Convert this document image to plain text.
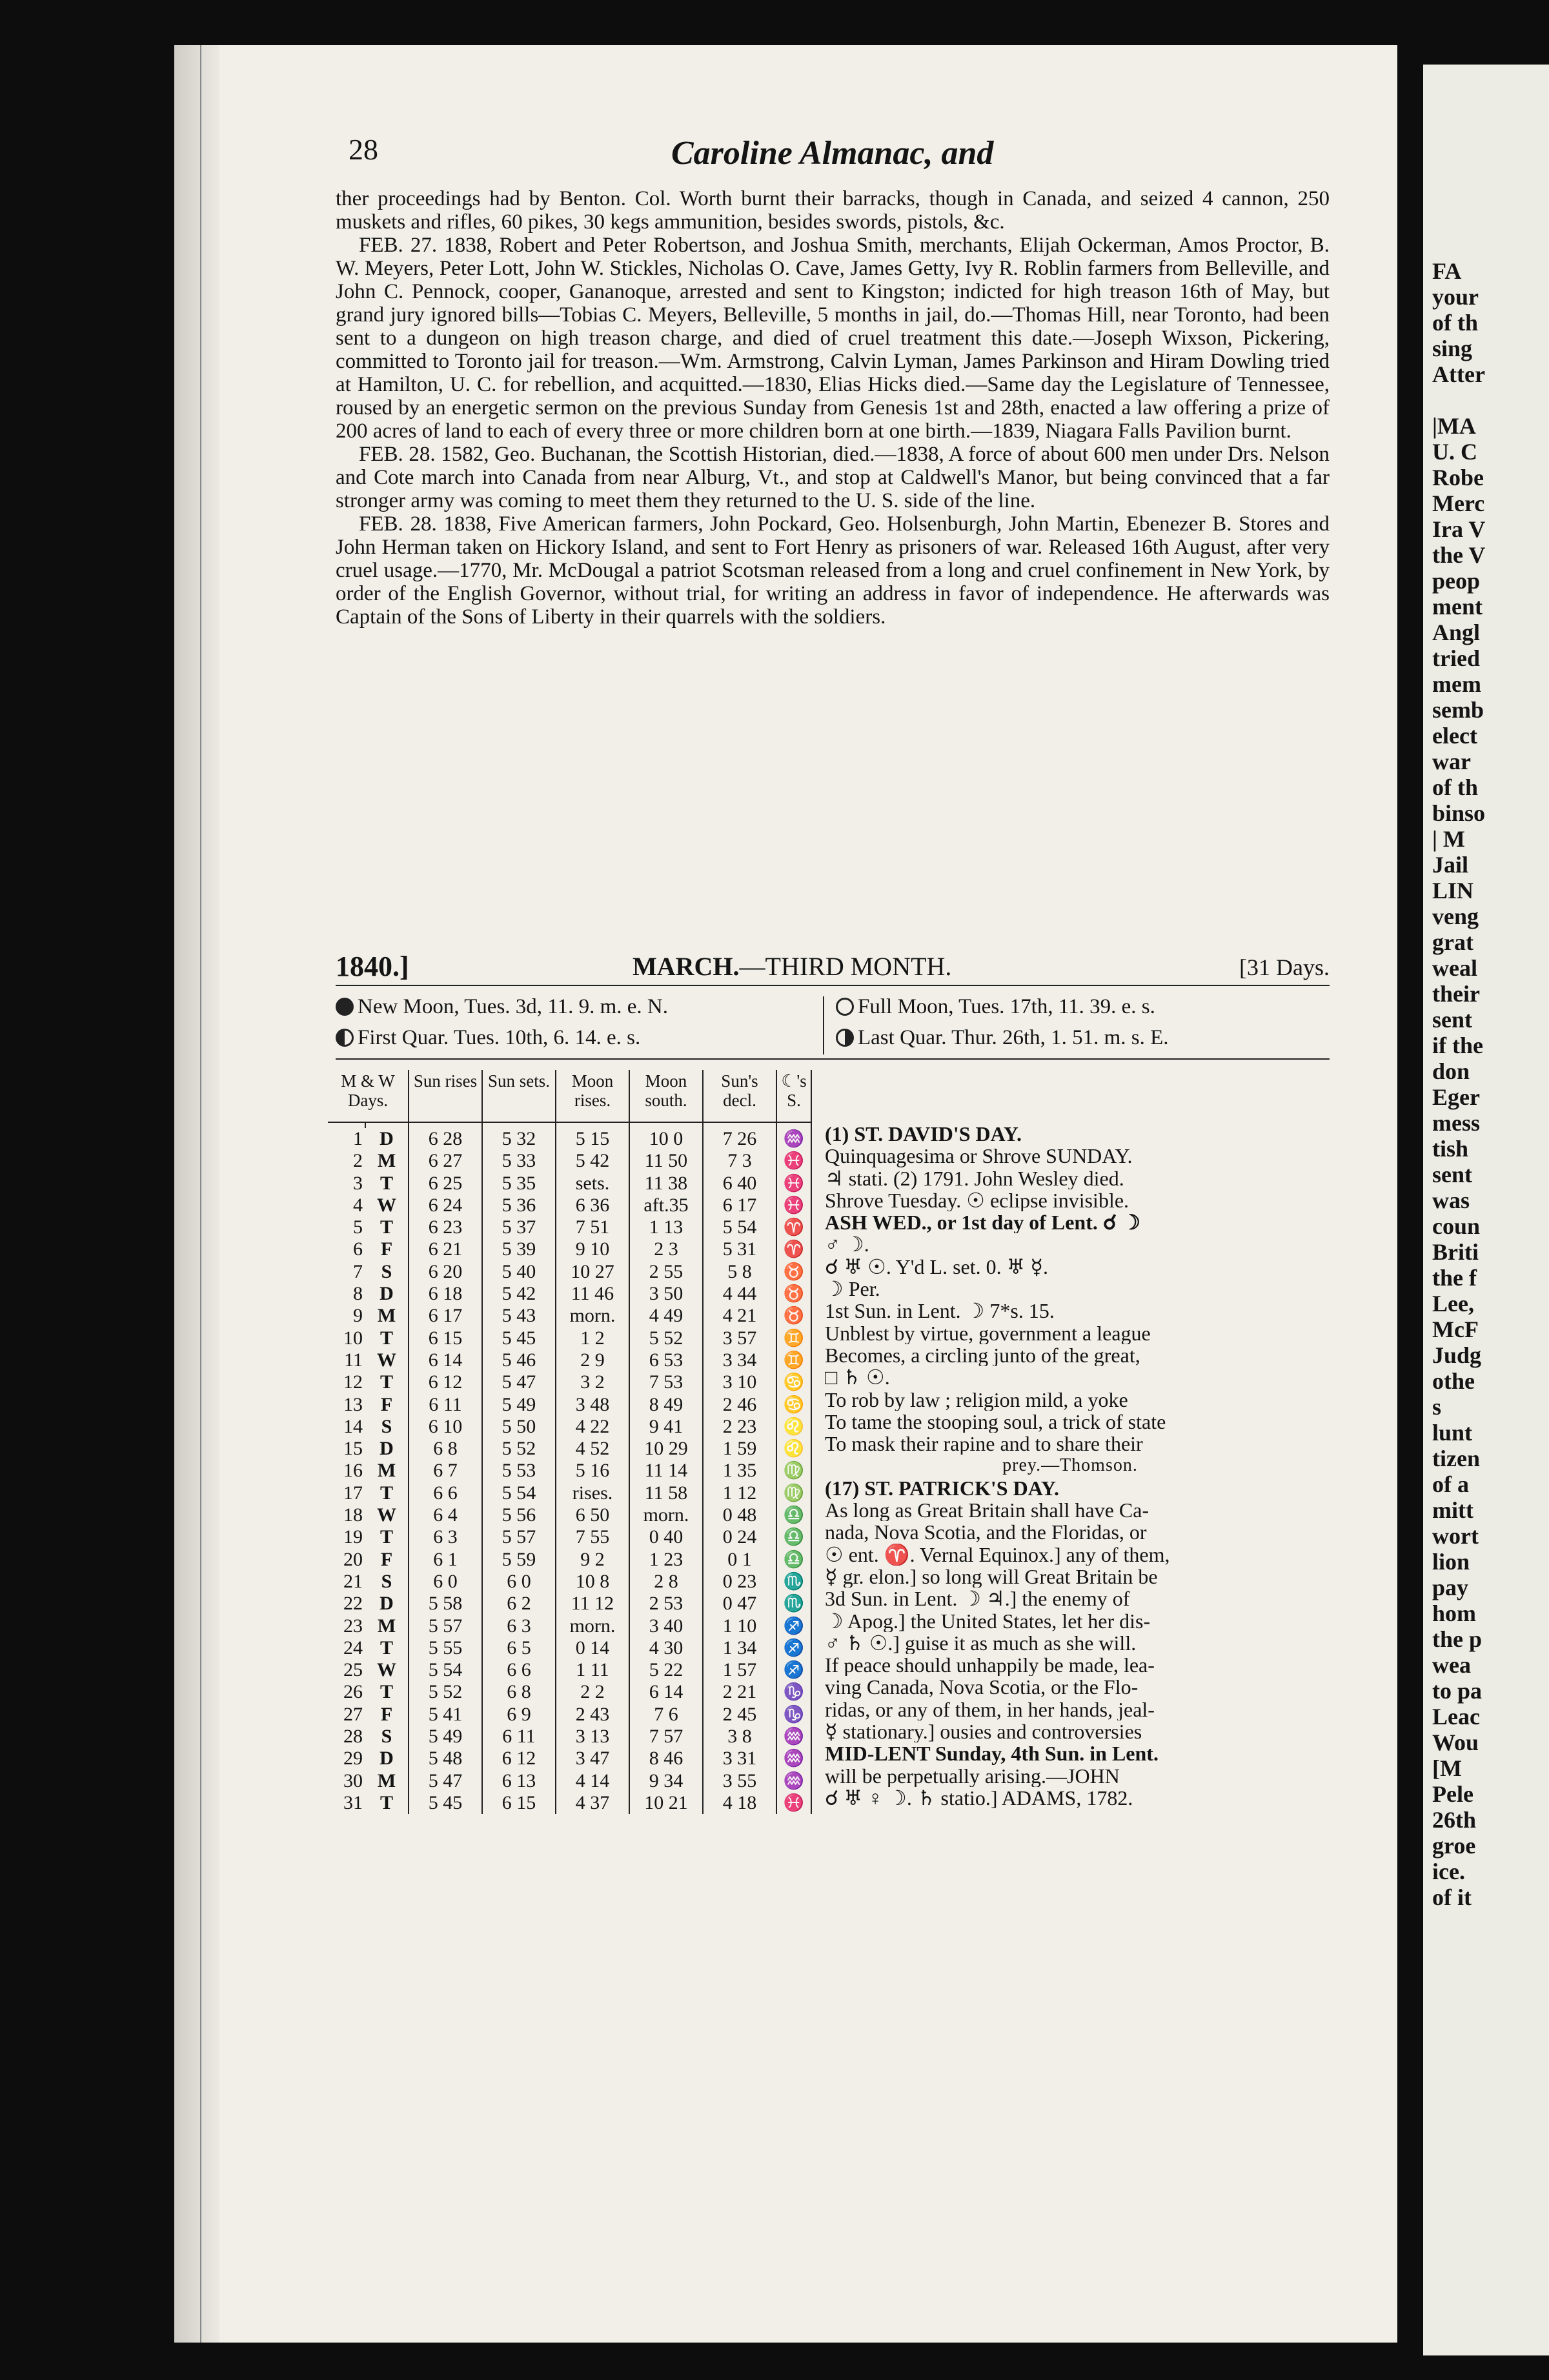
FA
your
of th
sing
Atter
|MA
U. C
Robe
Merc
Ira V
the V
peop
ment
Angl
tried
mem
semb
elect
war
of th
binso
| M
Jail
LIN
veng
grat
weal
their
sent
if the
don
Eger
mess
tish
sent
was
coun
Briti
the f
Lee,
McF
Judg
othe
s
lunt
tizen
of a
mitt
wort
lion
pay
hom
the p
wea
to pa
Leac
Wou
[M
Pele
26th
groe
ice.
of it
28	Caroline Almanac, and

ther proceedings had by Benton. Col. Worth burnt their barracks, though in Canada, and seized 4 cannon, 250 muskets and rifles, 60 pikes, 30 kegs ammunition, besides swords, pistols, &c.

FEB. 27. 1838, Robert and Peter Robertson, and Joshua Smith, merchants, Elijah Ockerman, Amos Proctor, B. W. Meyers, Peter Lott, John W. Stickles, Nicholas O. Cave, James Getty, Ivy R. Roblin farmers from Belleville, and John C. Pennock, cooper, Gananoque, arrested and sent to Kingston; indicted for high treason 16th of May, but grand jury ignored bills—Tobias C. Meyers, Belleville, 5 months in jail, do.—Thomas Hill, near Toronto, had been sent to a dungeon on high treason charge, and died of cruel treatment this date.—Joseph Wixson, Pickering, committed to Toronto jail for treason.—Wm. Armstrong, Calvin Lyman, James Parkinson and Hiram Dowling tried at Hamilton, U. C. for rebellion, and acquitted.—1830, Elias Hicks died.—Same day the Legislature of Tennessee, roused by an energetic sermon on the previous Sunday from Genesis 1st and 28th, enacted a law offering a prize of 200 acres of land to each of every three or more children born at one birth.—1839, Niagara Falls Pavilion burnt.

FEB. 28. 1582, Geo. Buchanan, the Scottish Historian, died.—1838, A force of about 600 men under Drs. Nelson and Cote march into Canada from near Alburg, Vt., and stop at Caldwell's Manor, but being convinced that a far stronger army was coming to meet them they returned to the U. S. side of the line.

FEB. 28. 1838, Five American farmers, John Pockard, Geo. Holsenburgh, John Martin, Ebenezer B. Stores and John Herman taken on Hickory Island, and sent to Fort Henry as prisoners of war. Released 16th August, after very cruel usage.—1770, Mr. McDougal a patriot Scotsman released from a long and cruel confinement in New York, by order of the English Governor, without trial, for writing an address in favor of independence. He afterwards was Captain of the Sons of Liberty in their quarrels with the soldiers.

1840.]	MARCH.—THIRD MONTH.	[31 Days.
New Moon, Tues. 3d, 11. 9. m. e. N.
First Quar. Tues. 10th, 6. 14. e. s.
Full Moon, Tues. 17th, 11. 39. e. s.
Last Quar. Thur. 26th, 1. 51. m. s. E.
M & W Days.		Sun rises	Sun sets.	Moon rises.	Moon south.	Sun's decl.	☾'s S.

1	D	6 28	5 32	5 15	10 0	7 26	♒
2	M	6 27	5 33	5 42	11 50	7 3	♓
3	T	6 25	5 35	sets.	11 38	6 40	♓
4	W	6 24	5 36	6 36	aft.35	6 17	♓
5	T	6 23	5 37	7 51	1 13	5 54	♈
6	F	6 21	5 39	9 10	2 3	5 31	♈
7	S	6 20	5 40	10 27	2 55	5 8	♉
8	D	6 18	5 42	11 46	3 50	4 44	♉
9	M	6 17	5 43	morn.	4 49	4 21	♉
10	T	6 15	5 45	1 2	5 52	3 57	♊
11	W	6 14	5 46	2 9	6 53	3 34	♊
12	T	6 12	5 47	3 2	7 53	3 10	♋
13	F	6 11	5 49	3 48	8 49	2 46	♋
14	S	6 10	5 50	4 22	9 41	2 23	♌
15	D	6 8	5 52	4 52	10 29	1 59	♌
16	M	6 7	5 53	5 16	11 14	1 35	♍
17	T	6 6	5 54	rises.	11 58	1 12	♍
18	W	6 4	5 56	6 50	morn.	0 48	♎
19	T	6 3	5 57	7 55	0 40	0 24	♎
20	F	6 1	5 59	9 2	1 23	0 1	♎
21	S	6 0	6 0	10 8	2 8	0 23	♏
22	D	5 58	6 2	11 12	2 53	0 47	♏
23	M	5 57	6 3	morn.	3 40	1 10	♐
24	T	5 55	6 5	0 14	4 30	1 34	♐
25	W	5 54	6 6	1 11	5 22	1 57	♐
26	T	5 52	6 8	2 2	6 14	2 21	♑
27	F	5 41	6 9	2 43	7 6	2 45	♑
28	S	5 49	6 11	3 13	7 57	3 8	♒
29	D	5 48	6 12	3 47	8 46	3 31	♒
30	M	5 47	6 13	4 14	9 34	3 55	♒
31	T	5 45	6 15	4 37	10 21	4 18	♓
(1) ST. DAVID'S DAY.
Quinquagesima or Shrove SUNDAY.
♃ stati. (2) 1791. John Wesley died.
Shrove Tuesday. ☉ eclipse invisible.
ASH WED., or 1st day of Lent. ☌ ☽
♂ ☽.
☌ ♅ ☉. Y'd L. set. 0. ♅ ☿.
☽ Per.
1st Sun. in Lent. ☽ 7*s. 15.
Unblest by virtue, government a league
Becomes, a circling junto of the great,
□ ♄ ☉.
To rob by law ; religion mild, a yoke
To tame the stooping soul, a trick of state
To mask their rapine and to share their
prey.—Thomson.
(17) ST. PATRICK'S DAY.
As long as Great Britain shall have Ca-
nada, Nova Scotia, and the Floridas, or
☉ ent. ♈. Vernal Equinox.] any of them,
☿ gr. elon.] so long will Great Britain be
3d Sun. in Lent. ☽ ♃.] the enemy of
☽ Apog.] the United States, let her dis-
♂ ♄ ☉.] guise it as much as she will.
If peace should unhappily be made, lea-
ving Canada, Nova Scotia, or the Flo-
ridas, or any of them, in her hands, jeal-
☿ stationary.] ousies and controversies
MID-LENT Sunday, 4th Sun. in Lent.
will be perpetually arising.—JOHN
☌ ♅ ♀ ☽. ♄ statio.] ADAMS, 1782.
